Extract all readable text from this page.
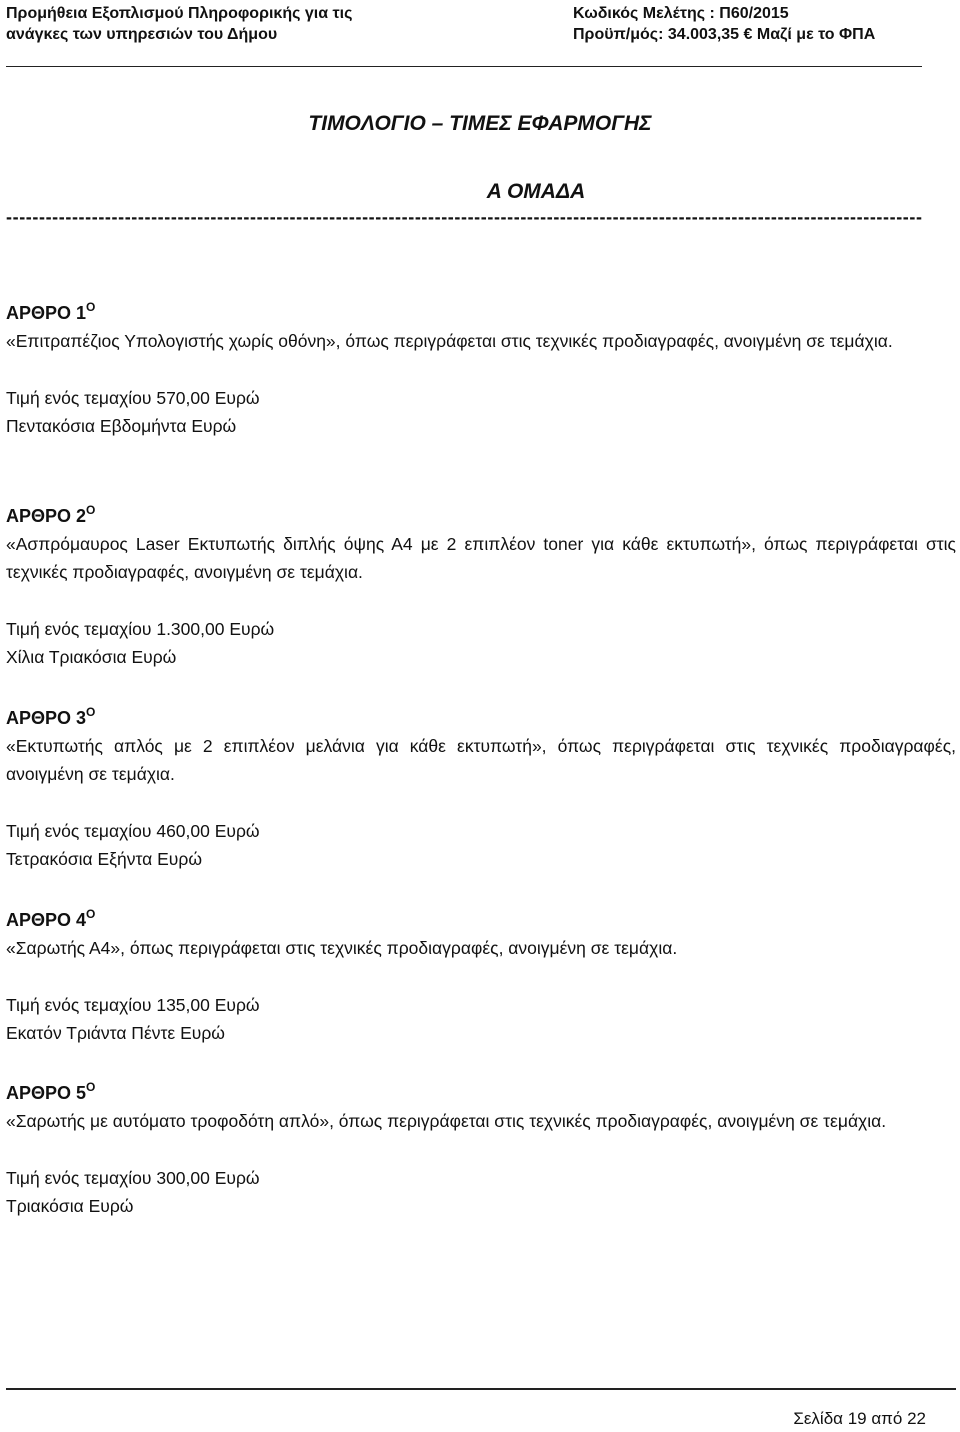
Προμήθεια Εξοπλισμού Πληροφορικής για τις
ανάγκες των υπηρεσιών του Δήμου
Κωδικός Μελέτης : Π60/2015
Προϋπ/μός: 34.003,35 € Μαζί με το ΦΠΑ
ΤΙΜΟΛΟΓΙΟ – ΤΙΜΕΣ ΕΦΑΡΜΟΓΗΣ
Α ΟΜΑΔΑ
-------------------------------------------------------------------------------------------------------------------------------------------
ΑΡΘΡΟ $1^O$

«Επιτραπέζιος Υπολογιστής χωρίς οθόνη», όπως περιγράφεται στις τεχνικές προδιαγραφές, ανοιγμένη σε τεμάχια.

Τιμή ενός τεμαχίου 570,00 Ευρώ

Πεντακόσια Εβδομήντα Ευρώ

ΑΡΘΡΟ $2^O$

«Ασπρόμαυρος Laser Εκτυπωτής διπλής όψης Α4 με 2 επιπλέον toner για κάθε εκτυπωτή», όπως περιγράφεται στις τεχνικές προδιαγραφές, ανοιγμένη σε τεμάχια.

Τιμή ενός τεμαχίου 1.300,00 Ευρώ

Χίλια Τριακόσια Ευρώ

ΑΡΘΡΟ $3^O$

«Εκτυπωτής απλός με 2 επιπλέον μελάνια για κάθε εκτυπωτή», όπως περιγράφεται στις τεχνικές προδιαγραφές, ανοιγμένη σε τεμάχια.

Τιμή ενός τεμαχίου 460,00 Ευρώ

Τετρακόσια Εξήντα Ευρώ

ΑΡΘΡΟ $4^O$

«Σαρωτής Α4», όπως περιγράφεται στις τεχνικές προδιαγραφές, ανοιγμένη σε τεμάχια.

Τιμή ενός τεμαχίου 135,00 Ευρώ

Εκατόν Τριάντα Πέντε Ευρώ

ΑΡΘΡΟ $5^O$

«Σαρωτής με αυτόματο τροφοδότη απλό», όπως περιγράφεται στις τεχνικές προδιαγραφές, ανοιγμένη σε τεμάχια.

Τιμή ενός τεμαχίου 300,00 Ευρώ

Τριακόσια Ευρώ

Σελίδα 19 από 22
